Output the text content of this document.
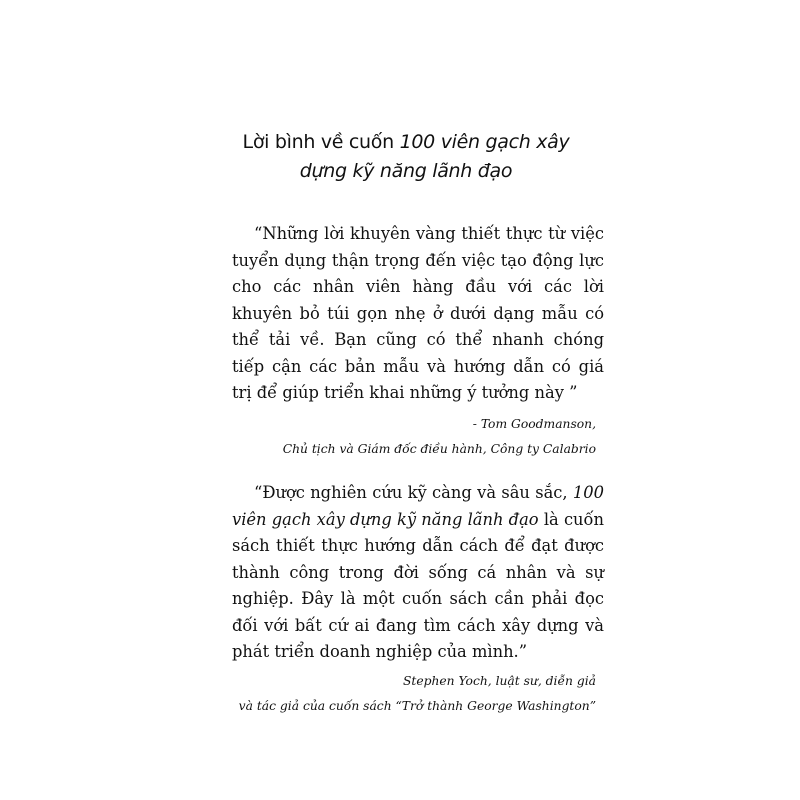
Lời bình về cuốn 100 viên gạch xây
dựng kỹ năng lãnh đạo

“Những lời khuyên vàng thiết thực từ việc tuyển dụng thận trọng đến việc tạo động lực cho các nhân viên hàng đầu với các lời khuyên bỏ túi gọn nhẹ ở dưới dạng mẫu có thể tải về. Bạn cũng có thể nhanh chóng tiếp cận các bản mẫu và hướng dẫn có giá trị để giúp triển khai những ý tưởng này ”

- Tom Goodmanson,
Chủ tịch và Giám đốc điều hành, Công ty Calabrio

“Được nghiên cứu kỹ càng và sâu sắc, 100 viên gạch xây dựng kỹ năng lãnh đạo là cuốn sách thiết thực hướng dẫn cách để đạt được thành công trong đời sống cá nhân và sự nghiệp. Đây là một cuốn sách cần phải đọc đối với bất cứ ai đang tìm cách xây dựng và phát triển doanh nghiệp của mình.”

Stephen Yoch, luật sư, diễn giả
và tác giả của cuốn sách “Trở thành George Washington”
